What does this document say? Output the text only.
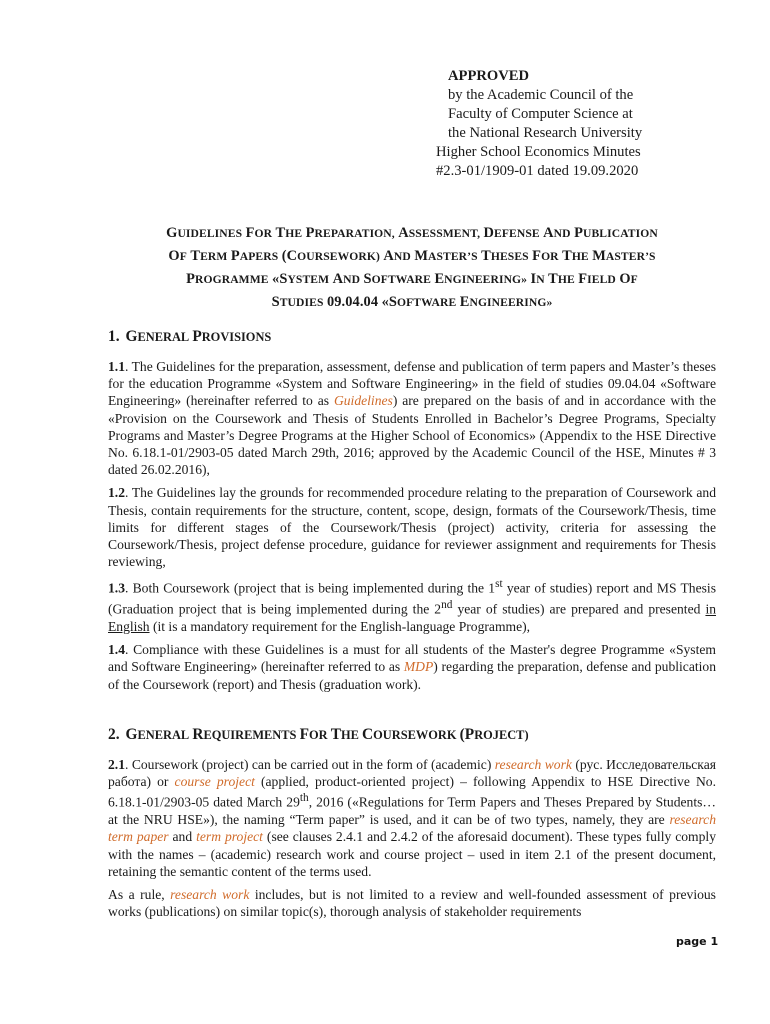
APPROVED
by the Academic Council of the
Faculty of Computer Science at
the National Research University
Higher School Economics Minutes
#2.3-01/1909-01 dated 19.09.2020
GUIDELINES FOR THE PREPARATION, ASSESSMENT, DEFENSE AND PUBLICATION
OF TERM PAPERS (COURSEWORK) AND MASTER’S THESES FOR THE MASTER’S
PROGRAMME «SYSTEM AND SOFTWARE ENGINEERING» IN THE FIELD OF
STUDIES 09.04.04 «SOFTWARE ENGINEERING»
1. GENERAL PROVISIONS

1.1. The Guidelines for the preparation, assessment, defense and publication of term papers and Master’s theses for the education Programme «System and Software Engineering» in the field of studies 09.04.04 «Software Engineering» (hereinafter referred to as Guidelines) are prepared on the basis of and in accordance with the «Provision on the Coursework and Thesis of Students Enrolled in Bachelor’s Degree Programs, Specialty Programs and Master’s Degree Programs at the Higher School of Economics» (Appendix to the HSE Directive No. 6.18.1-01/2903-05 dated March 29th, 2016; approved by the Academic Council of the HSE, Minutes # 3 dated 26.02.2016),

1.2. The Guidelines lay the grounds for recommended procedure relating to the preparation of Coursework and Thesis, contain requirements for the structure, content, scope, design, formats of the Coursework/Thesis, time limits for different stages of the Coursework/Thesis (project) activity, criteria for assessing the Coursework/Thesis, project defense procedure, guidance for reviewer assignment and requirements for Thesis reviewing,

1.3. Both Coursework (project that is being implemented during the 1st year of studies) report and MS Thesis (Graduation project that is being implemented during the 2nd year of studies) are prepared and presented in English (it is a mandatory requirement for the English-language Programme),

1.4. Compliance with these Guidelines is a must for all students of the Master's degree Programme «System and Software Engineering» (hereinafter referred to as MDP) regarding the preparation, defense and publication of the Coursework (report) and Thesis (graduation work).

2. GENERAL REQUIREMENTS FOR THE COURSEWORK (PROJECT)

2.1. Coursework (project) can be carried out in the form of (academic) research work (рус. Исследовательская работа) or course project (applied, product-oriented project) – following Appendix to HSE Directive No. 6.18.1-01/2903-05 dated March 29th, 2016 («Regulations for Term Papers and Theses Prepared by Students… at the NRU HSE»), the naming “Term paper” is used, and it can be of two types, namely, they are research term paper and term project (see clauses 2.4.1 and 2.4.2 of the aforesaid document). These types fully comply with the names – (academic) research work and course project – used in item 2.1 of the present document, retaining the semantic content of the terms used.

As a rule, research work includes, but is not limited to a review and well-founded assessment of previous works (publications) on similar topic(s), thorough analysis of stakeholder requirements

page 1
